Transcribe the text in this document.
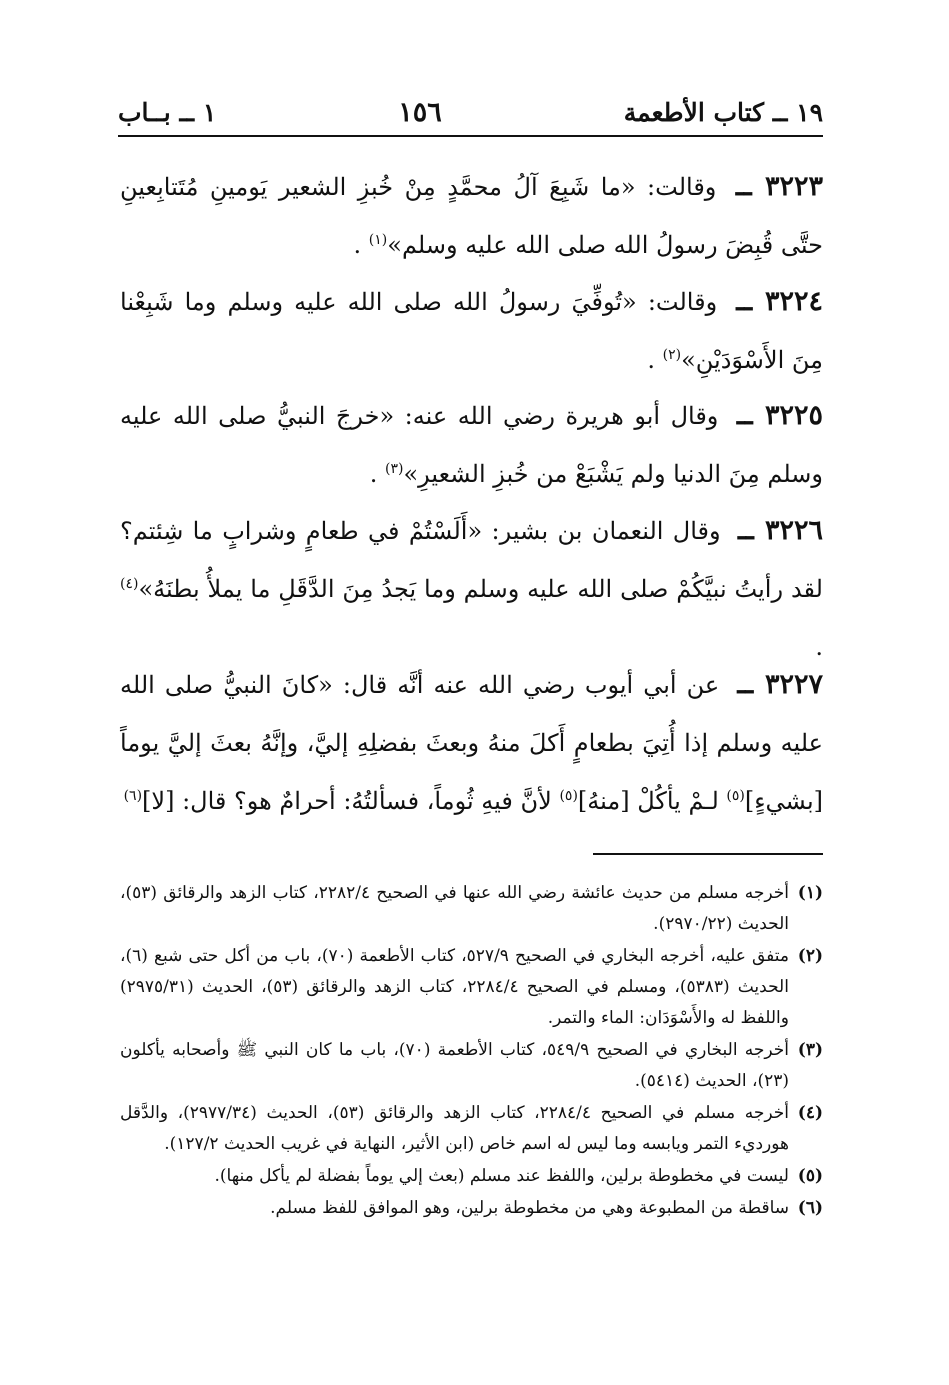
١٩ ــ كتاب الأطعمة
١٥٦
١ ــ بــاب
٣٢٢٣ ــ وقالت: «ما شَبِعَ آلُ محمَّدٍ مِنْ خُبزِ الشعير يَومينِ مُتَتابِعينِ حتَّى قُبِضَ رسولُ الله صلى الله عليه وسلم»$^{(١)}$ .
٣٢٢٤ ــ وقالت: «تُوفِّيَ رسولُ الله صلى الله عليه وسلم وما شَبِعْنا مِنَ الأَسْوَدَيْنِ»$^{(٢)}$ .
٣٢٢٥ ــ وقال أبو هريرة رضي الله عنه: «خرجَ النبيُّ صلى الله عليه وسلم مِنَ الدنيا ولم يَشْبَعْ من خُبزِ الشعيرِ»$^{(٣)}$ .
٣٢٢٦ ــ وقال النعمان بن بشير: «أَلَسْتُمْ في طعامٍ وشرابٍ ما شِئتم؟ لقد رأيتُ نبيَّكُمْ صلى الله عليه وسلم وما يَجدُ مِنَ الدَّقَلِ ما يملأُ بطنَهُ»$^{(٤)}$ .
٣٢٢٧ ــ عن أبي أيوب رضي الله عنه أنَّه قال: «كانَ النبيُّ صلى الله عليه وسلم إذا أُتِيَ بطعامٍ أَكلَ منهُ وبعثَ بفضلِهِ إليَّ، وإنَّهُ بعثَ إليَّ يوماً [بشيءٍ]$^{(٥)}$ لـمْ يأكُلْ [منهُ]$^{(٥)}$ لأنَّ فيهِ ثُوماً، فسألتُهُ: أحرامٌ هو؟ قال: [لا]$^{(٦)}$
(١)
أخرجه مسلم من حديث عائشة رضي الله عنها في الصحيح ٢٢٨٢/٤، كتاب الزهد والرقائق (٥٣)، الحديث (٢٩٧٠/٢٢).
(٢)
متفق عليه، أخرجه البخاري في الصحيح ٥٢٧/٩، كتاب الأطعمة (٧٠)، باب من أكل حتى شبع (٦)، الحديث (٥٣٨٣)، ومسلم في الصحيح ٢٢٨٤/٤، كتاب الزهد والرقائق (٥٣)، الحديث (٢٩٧٥/٣١) واللفظ له والأَسْوَدَان: الماء والتمر.
(٣)
أخرجه البخاري في الصحيح ٥٤٩/٩، كتاب الأطعمة (٧٠)، باب ما كان النبي ﷺ وأصحابه يأكلون (٢٣)، الحديث (٥٤١٤).
(٤)
أخرجه مسلم في الصحيح ٢٢٨٤/٤، كتاب الزهد والرقائق (٥٣)، الحديث (٢٩٧٧/٣٤)، والدَّقل هورديء التمر ويابسه وما ليس له اسم خاص (ابن الأثير، النهاية في غريب الحديث ١٢٧/٢).
(٥)
ليست في مخطوطة برلين، واللفظ عند مسلم (بعث إلي يوماً بفضلة لم يأكل منها).
(٦)
ساقطة من المطبوعة وهي من مخطوطة برلين، وهو الموافق للفظ مسلم.
